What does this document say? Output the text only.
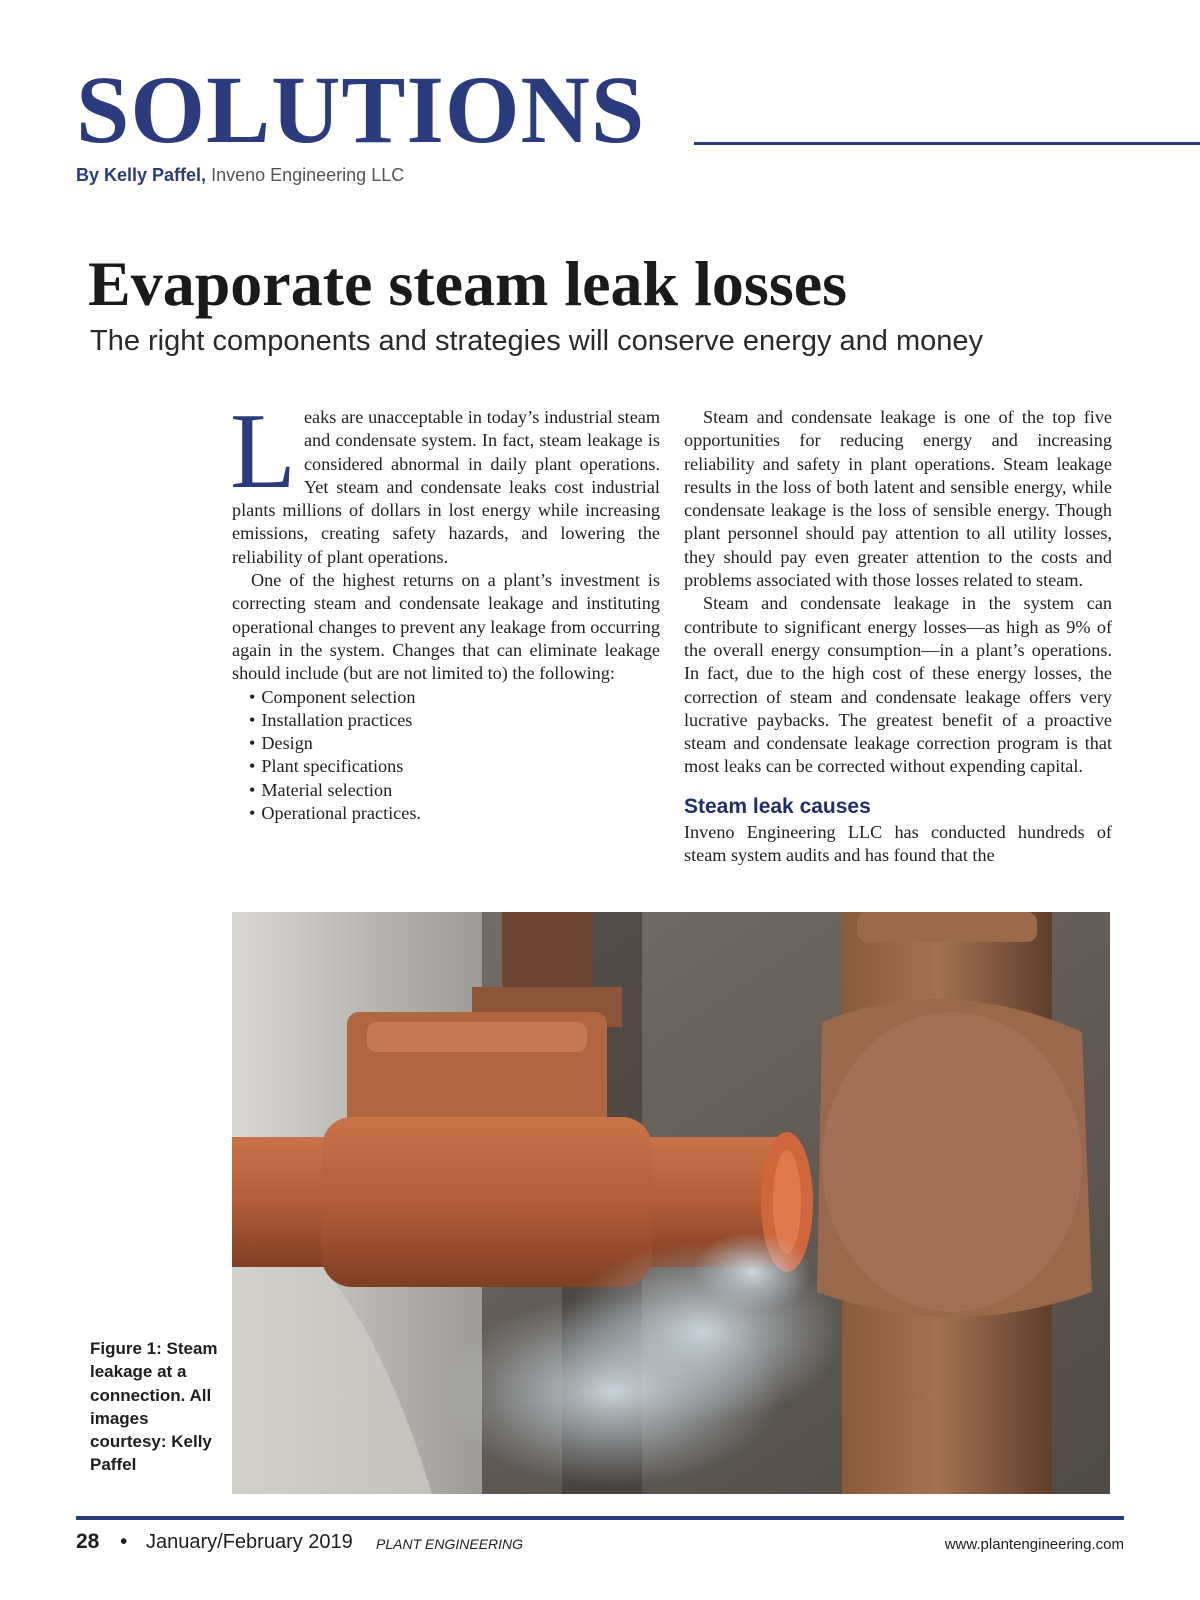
SOLUTIONS
By Kelly Paffel, Inveno Engineering LLC
Evaporate steam leak losses
The right components and strategies will conserve energy and money

Leaks are unacceptable in today’s industrial steam and condensate system. In fact, steam leakage is considered abnormal in daily plant operations. Yet steam and condensate leaks cost industrial plants millions of dollars in lost energy while increasing emissions, creating safety hazards, and lowering the reliability of plant operations.

One of the highest returns on a plant’s investment is correcting steam and condensate leakage and instituting operational changes to prevent any leakage from occurring again in the system. Changes that can eliminate leakage should include (but are not limited to) the following:

• Component selection
• Installation practices
• Design
• Plant specifications
• Material selection
• Operational practices.

Steam and condensate leakage is one of the top five opportunities for reducing energy and increasing reliability and safety in plant operations. Steam leakage results in the loss of both latent and sensible energy, while condensate leakage is the loss of sensible energy. Though plant personnel should pay attention to all utility losses, they should pay even greater attention to the costs and problems associated with those losses related to steam.

Steam and condensate leakage in the system can contribute to significant energy losses—as high as 9% of the overall energy consumption—in a plant’s operations. In fact, due to the high cost of these energy losses, the correction of steam and condensate leakage offers very lucrative paybacks. The greatest benefit of a proactive steam and condensate leakage correction program is that most leaks can be corrected without expending capital.

Steam leak causes

Inveno Engineering LLC has conducted hundreds of steam system audits and has found that the

Figure 1: Steam leakage at a connection. All images courtesy: Kelly Paffel
28 • January/February 2019 PLANT ENGINEERING	www.plantengineering.com
